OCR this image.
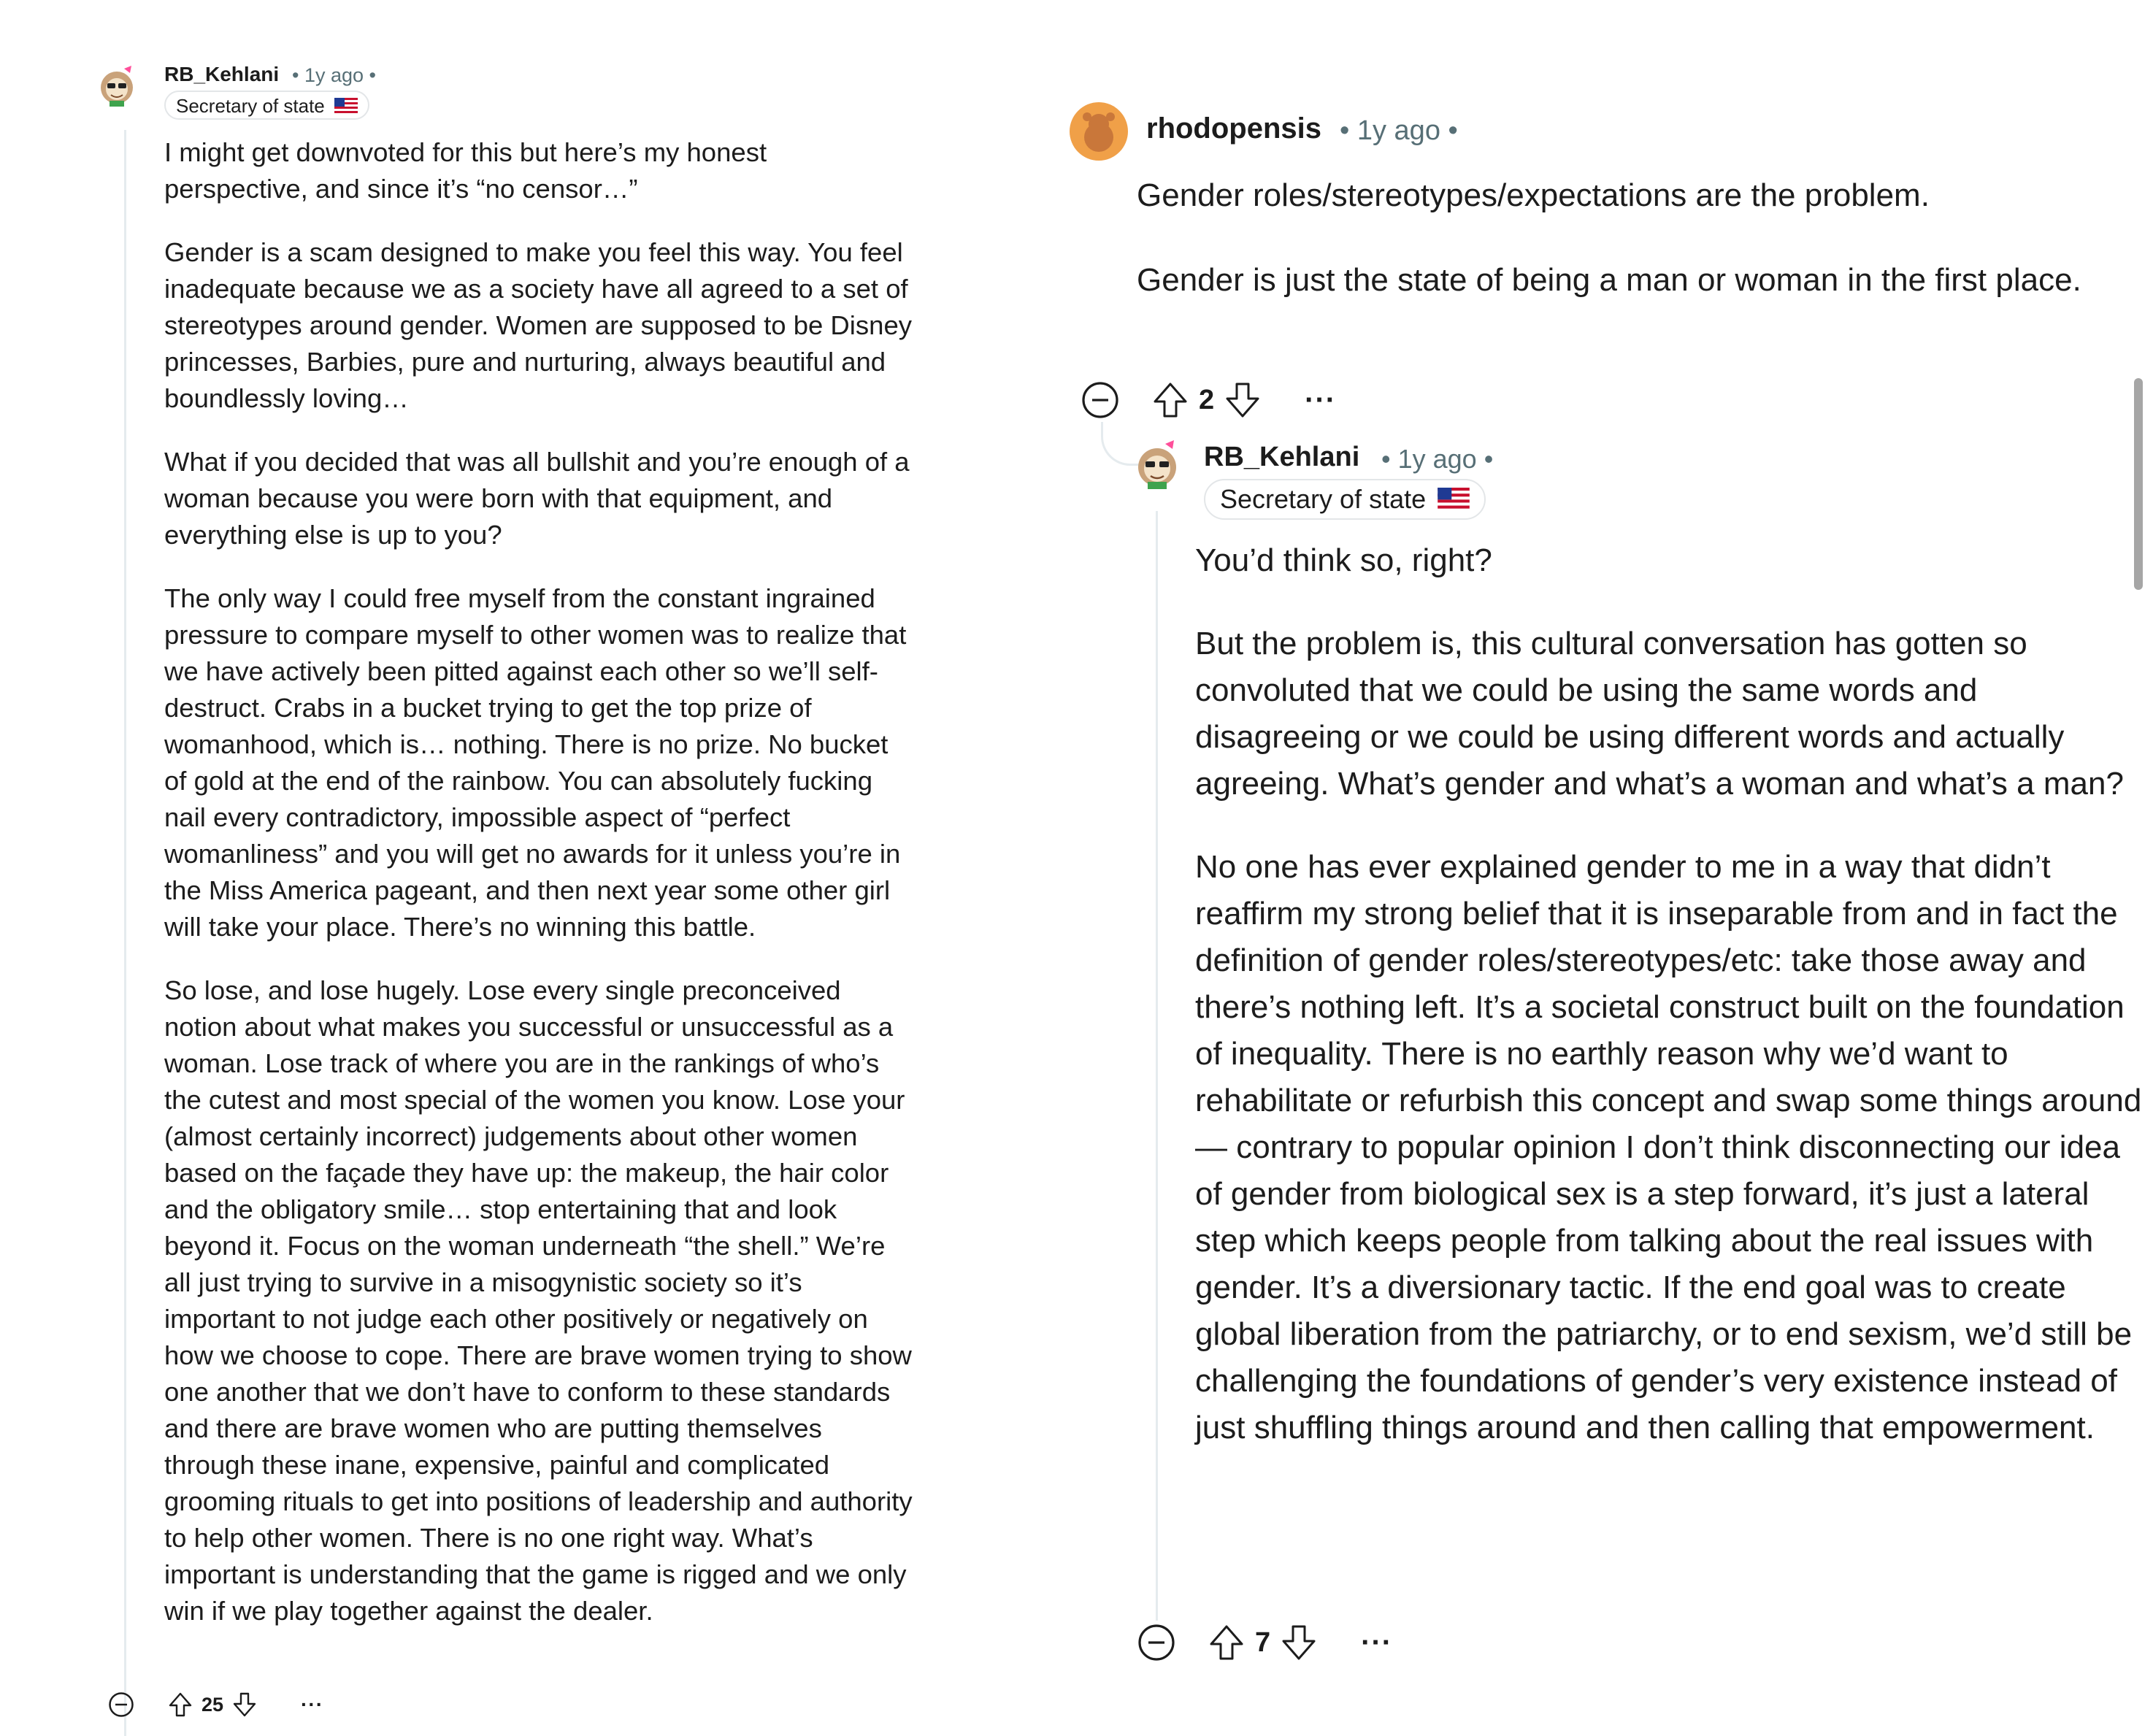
RB_Kehlani • 1y ago •
Secretary of state

I might get downvoted for this but here’s my honest perspective, and since it’s “no censor…”

Gender is a scam designed to make you feel this way. You feel inadequate because we as a society have all agreed to a set of stereotypes around gender. Women are supposed to be Disney princesses, Barbies, pure and nurturing, always beautiful and boundlessly loving…

What if you decided that was all bullshit and you’re enough of a woman because you were born with that equipment, and everything else is up to you?

The only way I could free myself from the constant ingrained pressure to compare myself to other women was to realize that we have actively been pitted against each other so we’ll self-destruct. Crabs in a bucket trying to get the top prize of womanhood, which is… nothing. There is no prize. No bucket of gold at the end of the rainbow. You can absolutely fucking nail every contradictory, impossible aspect of “perfect womanliness” and you will get no awards for it unless you’re in the Miss America pageant, and then next year some other girl will take your place. There’s no winning this battle.

So lose, and lose hugely. Lose every single preconceived notion about what makes you successful or unsuccessful as a woman. Lose track of where you are in the rankings of who’s the cutest and most special of the women you know. Lose your (almost certainly incorrect) judgements about other women based on the façade they have up: the makeup, the hair color and the obligatory smile… stop entertaining that and look beyond it. Focus on the woman underneath “the shell.” We’re all just trying to survive in a misogynistic society so it’s important to not judge each other positively or negatively on how we choose to cope. There are brave women trying to show one another that we don’t have to conform to these standards and there are brave women who are putting themselves through these inane, expensive, painful and complicated grooming rituals to get into positions of leadership and authority to help other women. There is no one right way. What’s important is understanding that the game is rigged and we only win if we play together against the dealer.

25	···
rhodopensis • 1y ago •

Gender roles/stereotypes/expectations are the problem.

Gender is just the state of being a man or woman in the first place.

2	···
RB_Kehlani • 1y ago •
Secretary of state

You’d think so, right?

But the problem is, this cultural conversation has gotten so convoluted that we could be using the same words and disagreeing or we could be using different words and actually agreeing. What’s gender and what’s a woman and what’s a man?

No one has ever explained gender to me in a way that didn’t reaffirm my strong belief that it is inseparable from and in fact the definition of gender roles/stereotypes/etc: take those away and there’s nothing left. It’s a societal construct built on the foundation of inequality. There is no earthly reason why we’d want to rehabilitate or refurbish this concept and swap some things around — contrary to popular opinion I don’t think disconnecting our idea of gender from biological sex is a step forward, it’s just a lateral step which keeps people from talking about the real issues with gender. It’s a diversionary tactic. If the end goal was to create global liberation from the patriarchy, or to end sexism, we’d still be challenging the foundations of gender’s very existence instead of just shuffling things around and then calling that empowerment.

7	···
